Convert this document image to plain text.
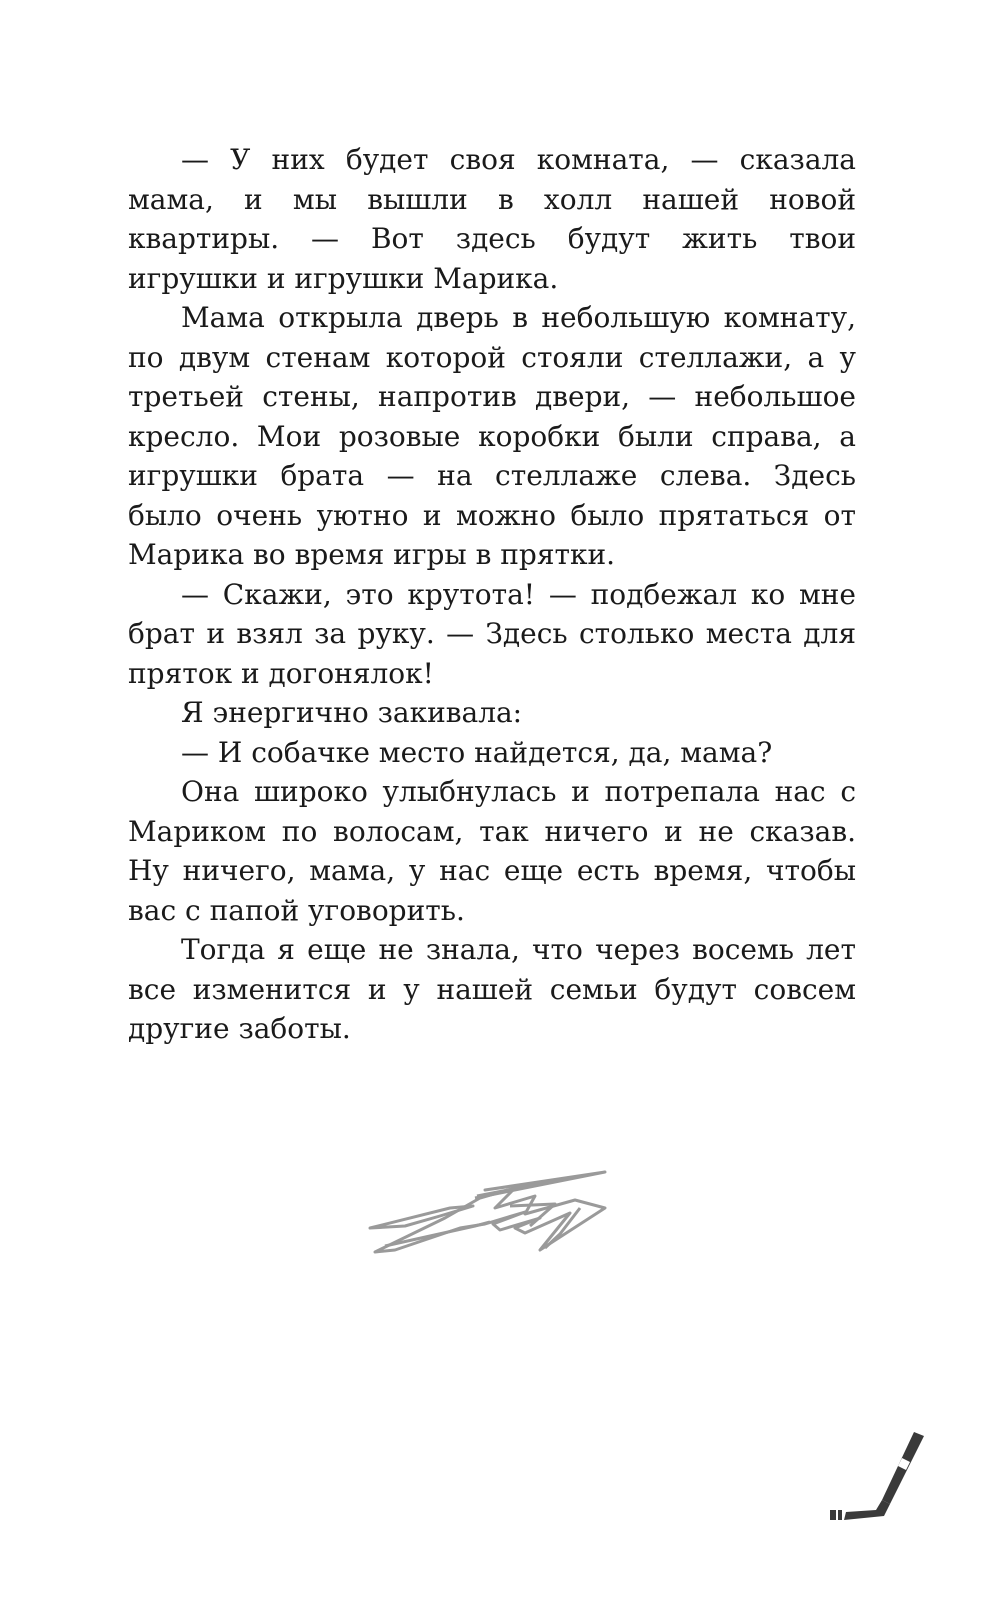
— У них будет своя комната, — сказала мама, и мы вышли в холл нашей новой квартиры. — Вот здесь будут жить твои игрушки и игрушки Марика.

Мама открыла дверь в небольшую комнату, по двум стенам которой стояли стеллажи, а у третьей стены, напротив двери, — небольшое кресло. Мои розовые коробки были справа, а игрушки брата — на стеллаже слева. Здесь было очень уютно и можно было прятаться от Марика во время игры в прятки.

— Скажи, это крутота! — подбежал ко мне брат и взял за руку. — Здесь столько места для пряток и догонялок!

Я энергично закивала:

— И собачке место найдется, да, мама?

Она широко улыбнулась и потрепала нас с Мариком по волосам, так ничего и не сказав. Ну ничего, мама, у нас еще есть время, чтобы вас с папой уговорить.

Тогда я еще не знала, что через восемь лет все изменится и у нашей семьи будут совсем другие заботы.
